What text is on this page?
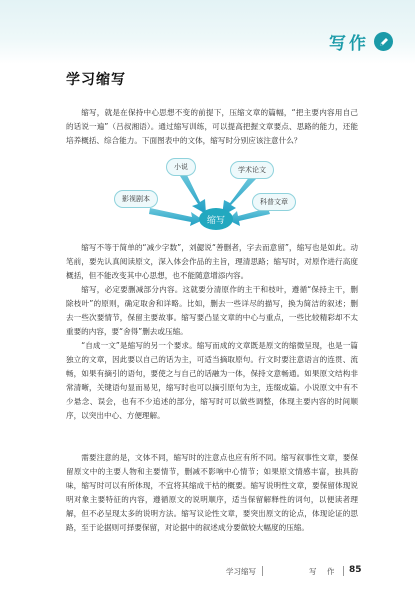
写作
学习缩写

缩写，就是在保持中心思想不变的前提下，压缩文章的篇幅，“把主要内容用自己的话说一遍”（吕叔湘语）。通过缩写训练，可以提高把握文章要点、思路的能力，还能培养概括、综合能力。下面图表中的文体，缩写时分别应该注意什么？

小说	学术论文
影视剧本	科普文章
缩写

缩写不等于简单的“减少字数”，刘勰说“善删者，字去而意留”，缩写也是如此。动笔前，要先认真阅读原文，深入体会作品的主旨，理清思路；缩写时，对原作进行高度概括，但不能改变其中心思想，也不能随意增添内容。

缩写，必定要删减部分内容。这就要分清原作的主干和枝叶，遵循“保持主干，删除枝叶”的原则，确定取舍和详略。比如，删去一些详尽的描写，换为简洁的叙述；删去一些次要情节，保留主要故事。缩写要凸显文章的中心与重点，一些比较精彩却不太重要的内容，要“舍得”删去或压缩。

“自成一文”是缩写的另一个要求。缩写而成的文章既是原文的缩微呈现，也是一篇独立的文章，因此要以自己的话为主，可适当摘取原句。行文时要注意语言的连贯、流畅，如果有摘引的语句，要使之与自己的话融为一体，保持文意畅通。如果原文结构非常清晰，关键语句显而易见，缩写时也可以摘引原句为主，连缀成篇。小说原文中有不少悬念、误会，也有不少追述的部分，缩写时可以做些调整，体现主要内容的时间顺序，以突出中心、方便理解。

需要注意的是，文体不同，缩写时的注意点也应有所不同。缩写叙事性文章，要保留原文中的主要人物和主要情节，删减不影响中心情节；如果原文情感丰富，独具韵味，缩写时可以有所体现，不宜将其缩成干枯的概要。缩写说明性文章，要保留体现说明对象主要特征的内容，遵循原文的说明顺序，适当保留解释性的词句，以便读者理解，但不必呈现太多的说明方法。缩写议论性文章，要突出原文的论点，体现论证的思路，至于论据则可择要保留，对论据中的叙述成分要做较大幅度的压缩。

学习缩写	写 作 85
